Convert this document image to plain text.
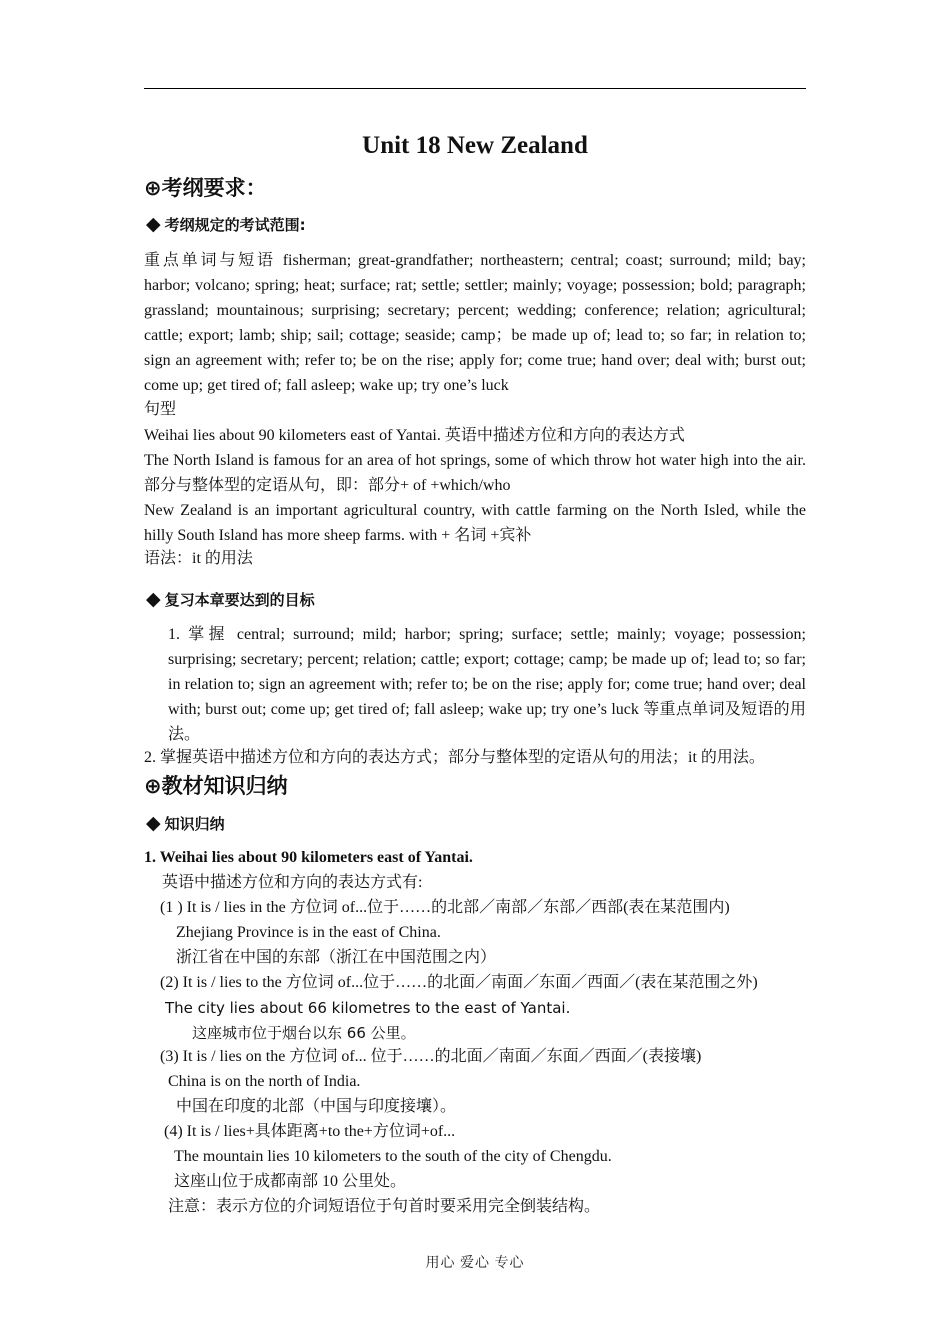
Unit 18 New Zealand
⊕考纲要求：
◆ 考纲规定的考试范围:
重点单词与短语 fisherman; great-grandfather; northeastern; central; coast; surround; mild; bay; harbor; volcano; spring; heat; surface; rat; settle; settler; mainly; voyage; possession; bold; paragraph; grassland; mountainous; surprising; secretary; percent; wedding; conference; relation; agricultural; cattle; export; lamb; ship; sail; cottage; seaside; camp；be made up of; lead to; so far; in relation to; sign an agreement with; refer to; be on the rise; apply for; come true; hand over; deal with; burst out; come up; get tired of; fall asleep; wake up; try one’s luck
句型
Weihai lies about 90 kilometers east of Yantai. 英语中描述方位和方向的表达方式
The North Island is famous for an area of hot springs, some of which throw hot water high into the air. 部分与整体型的定语从句，即：部分+ of +which/who
New Zealand is an important agricultural country, with cattle farming on the North Isled, while the hilly South Island has more sheep farms. with + 名词 +宾补
语法：it 的用法
◆ 复习本章要达到的目标
1. 掌握 central; surround; mild; harbor; spring; surface; settle; mainly; voyage; possession; surprising; secretary; percent; relation; cattle; export; cottage; camp; be made up of; lead to; so far; in relation to; sign an agreement with; refer to; be on the rise; apply for; come true; hand over; deal with; burst out; come up; get tired of; fall asleep; wake up; try one’s luck 等重点单词及短语的用法。
2. 掌握英语中描述方位和方向的表达方式；部分与整体型的定语从句的用法；it 的用法。
⊕教材知识归纳
◆ 知识归纳
1. Weihai lies about 90 kilometers east of Yantai.
英语中描述方位和方向的表达方式有:
(1 ) It is / lies in the 方位词 of...位于……的北部／南部／东部／西部(表在某范围内)
Zhejiang Province is in the east of China.
浙江省在中国的东部（浙江在中国范围之内）
(2) It is / lies to the 方位词 of...位于……的北面／南面／东面／西面／(表在某范围之外)
The city lies about 66 kilometres to the east of Yantai.
这座城市位于烟台以东 66 公里。
(3) It is / lies on the 方位词 of... 位于……的北面／南面／东面／西面／(表接壤)
China is on the north of India.
中国在印度的北部（中国与印度接壤）。
(4) It is / lies+具体距离+to the+方位词+of...
The mountain lies 10 kilometers to the south of the city of Chengdu.
这座山位于成都南部 10 公里处。
注意：表示方位的介词短语位于句首时要采用完全倒装结构。
用心 爱心 专心
